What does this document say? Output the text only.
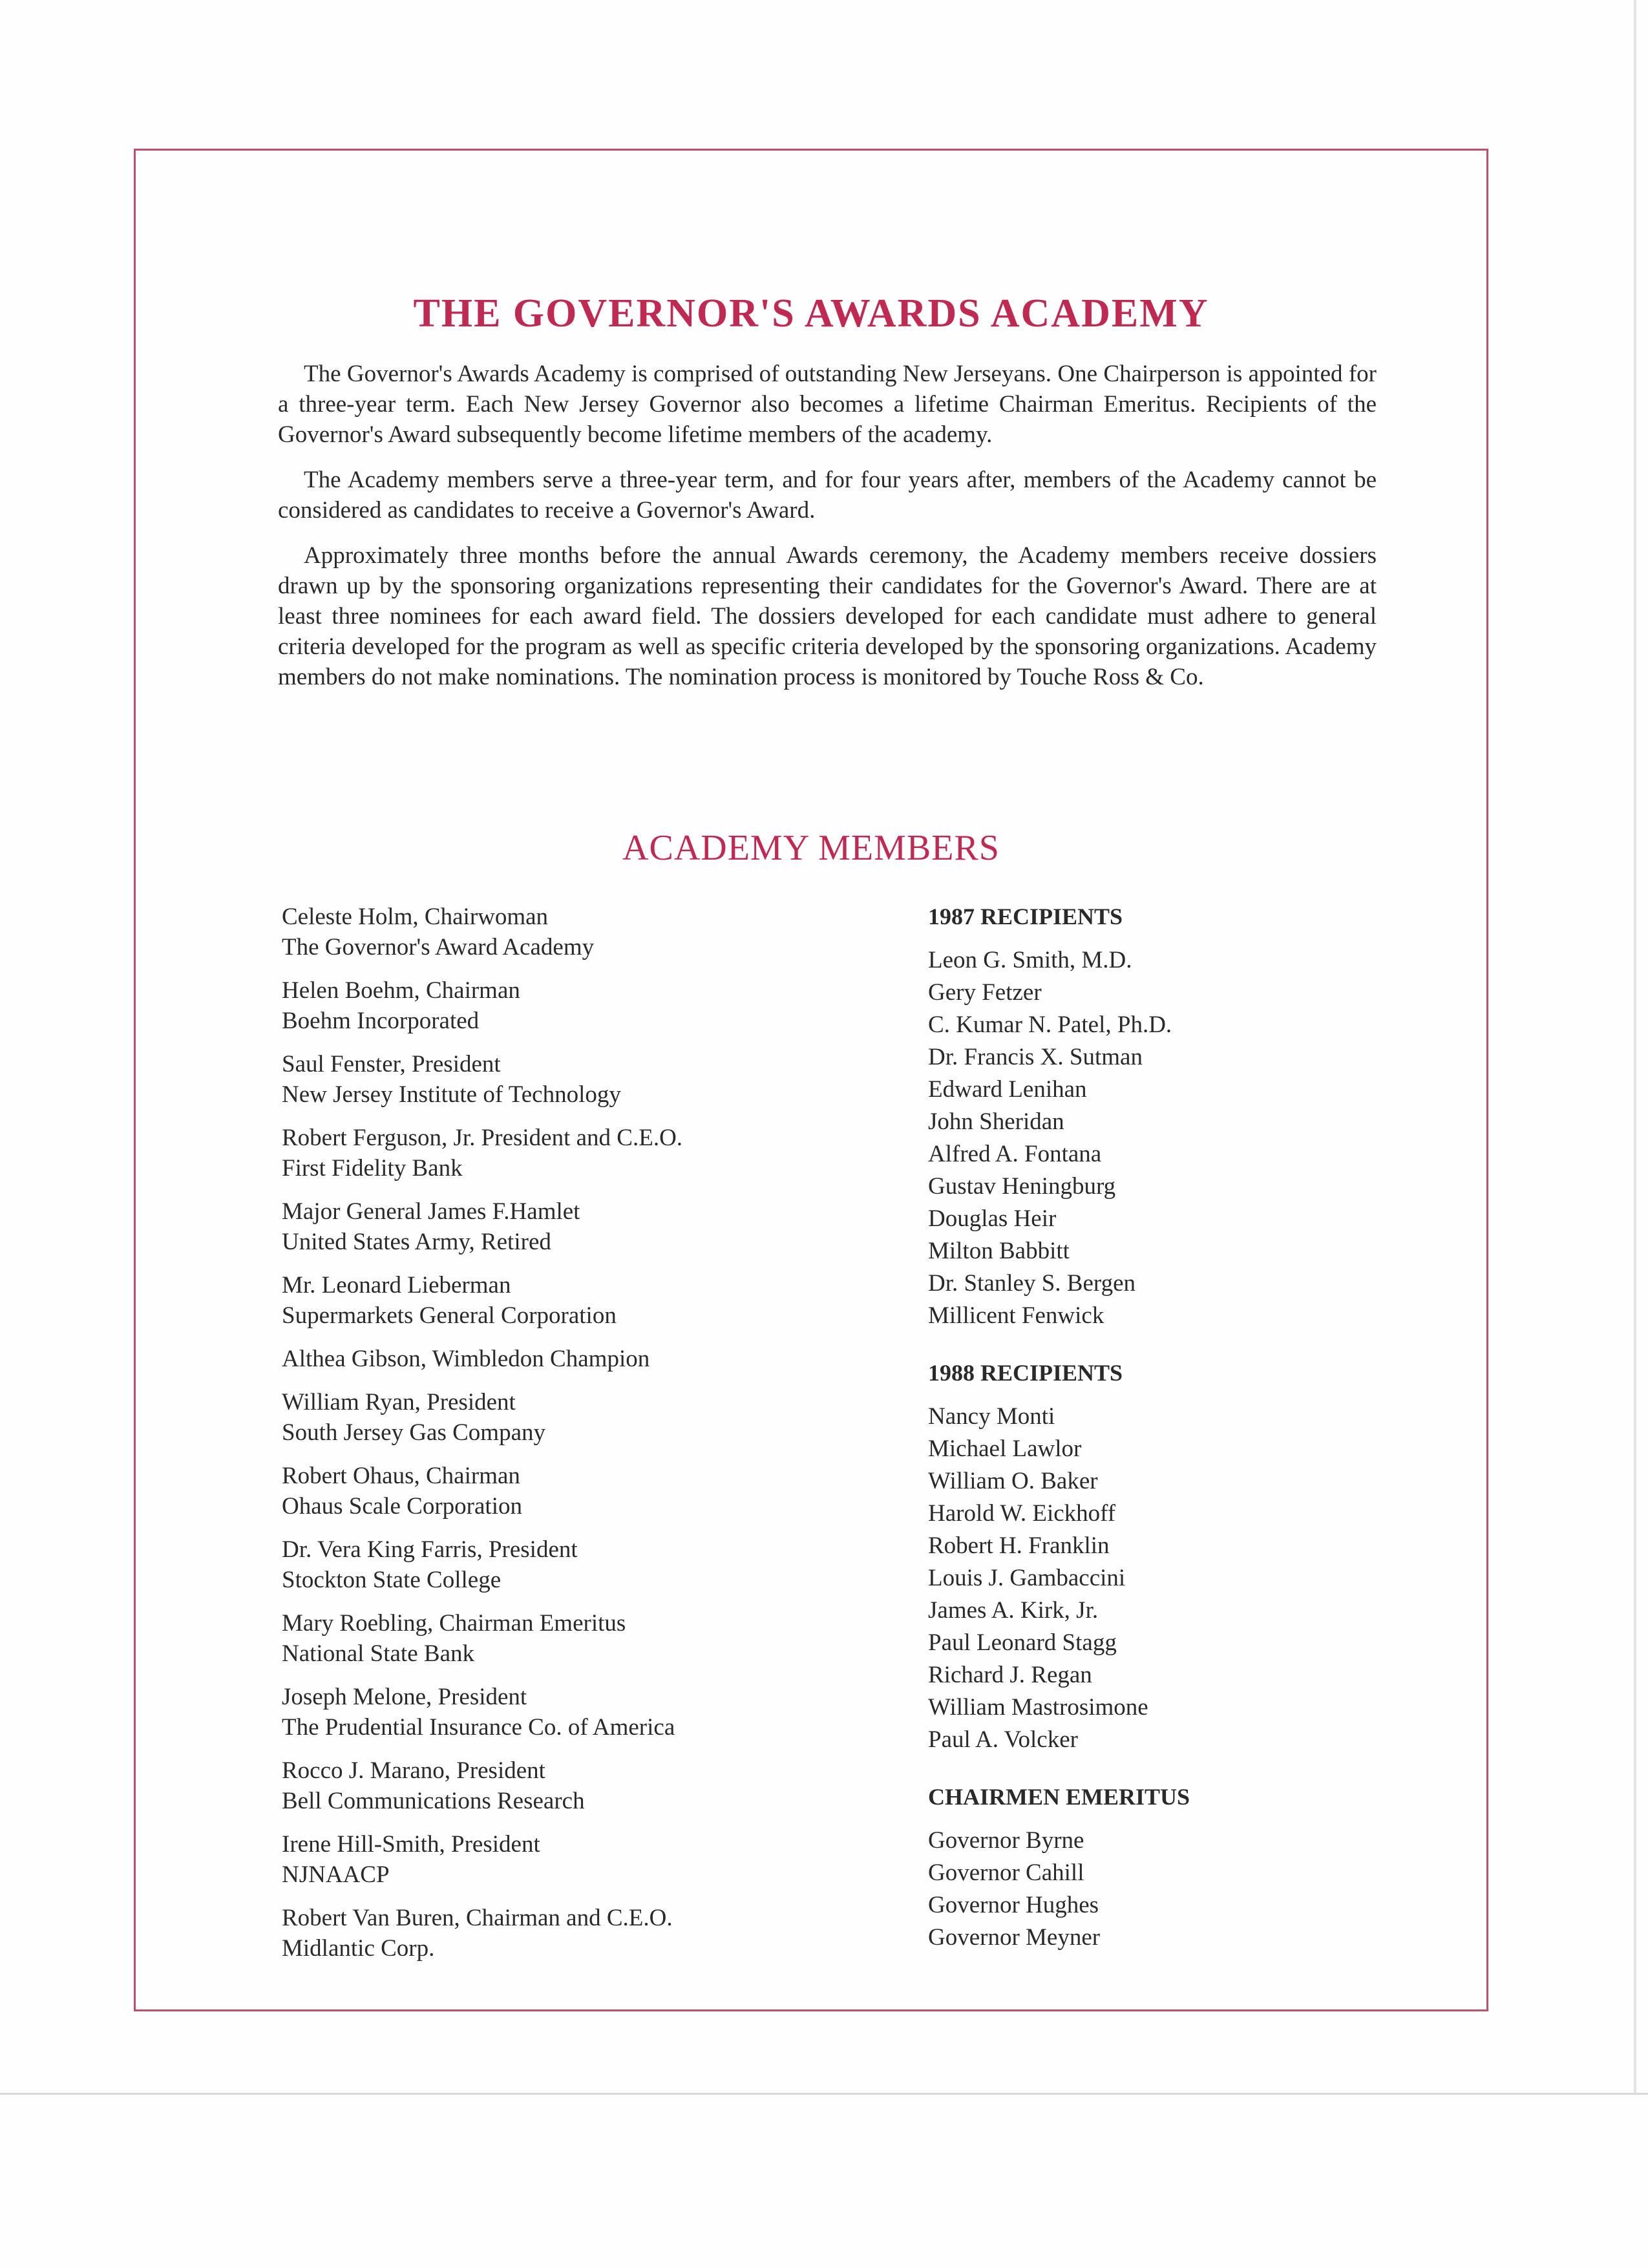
THE GOVERNOR'S AWARDS ACADEMY

The Governor's Awards Academy is comprised of outstanding New Jerseyans. One Chairperson is appointed for a three-year term. Each New Jersey Governor also becomes a lifetime Chairman Emeritus. Recipients of the Governor's Award subsequently become lifetime members of the academy.

The Academy members serve a three-year term, and for four years after, members of the Academy cannot be considered as candidates to receive a Governor's Award.

Approximately three months before the annual Awards ceremony, the Academy members receive dossiers drawn up by the sponsoring organizations representing their candidates for the Governor's Award. There are at least three nominees for each award field. The dossiers developed for each candidate must adhere to general criteria developed for the program as well as specific criteria developed by the sponsoring organizations. Academy members do not make nominations. The nomination process is monitored by Touche Ross & Co.

ACADEMY MEMBERS
Celeste Holm, Chairwoman
The Governor's Award Academy
Helen Boehm, Chairman
Boehm Incorporated
Saul Fenster, President
New Jersey Institute of Technology
Robert Ferguson, Jr. President and C.E.O.
First Fidelity Bank
Major General James F.Hamlet
United States Army, Retired
Mr. Leonard Lieberman
Supermarkets General Corporation
Althea Gibson, Wimbledon Champion
William Ryan, President
South Jersey Gas Company
Robert Ohaus, Chairman
Ohaus Scale Corporation
Dr. Vera King Farris, President
Stockton State College
Mary Roebling, Chairman Emeritus
National State Bank
Joseph Melone, President
The Prudential Insurance Co. of America
Rocco J. Marano, President
Bell Communications Research
Irene Hill-Smith, President
NJNAACP
Robert Van Buren, Chairman and C.E.O.
Midlantic Corp.
1987 RECIPIENTS
Leon G. Smith, M.D.
Gery Fetzer
C. Kumar N. Patel, Ph.D.
Dr. Francis X. Sutman
Edward Lenihan
John Sheridan
Alfred A. Fontana
Gustav Heningburg
Douglas Heir
Milton Babbitt
Dr. Stanley S. Bergen
Millicent Fenwick
1988 RECIPIENTS
Nancy Monti
Michael Lawlor
William O. Baker
Harold W. Eickhoff
Robert H. Franklin
Louis J. Gambaccini
James A. Kirk, Jr.
Paul Leonard Stagg
Richard J. Regan
William Mastrosimone
Paul A. Volcker
CHAIRMEN EMERITUS
Governor Byrne
Governor Cahill
Governor Hughes
Governor Meyner
